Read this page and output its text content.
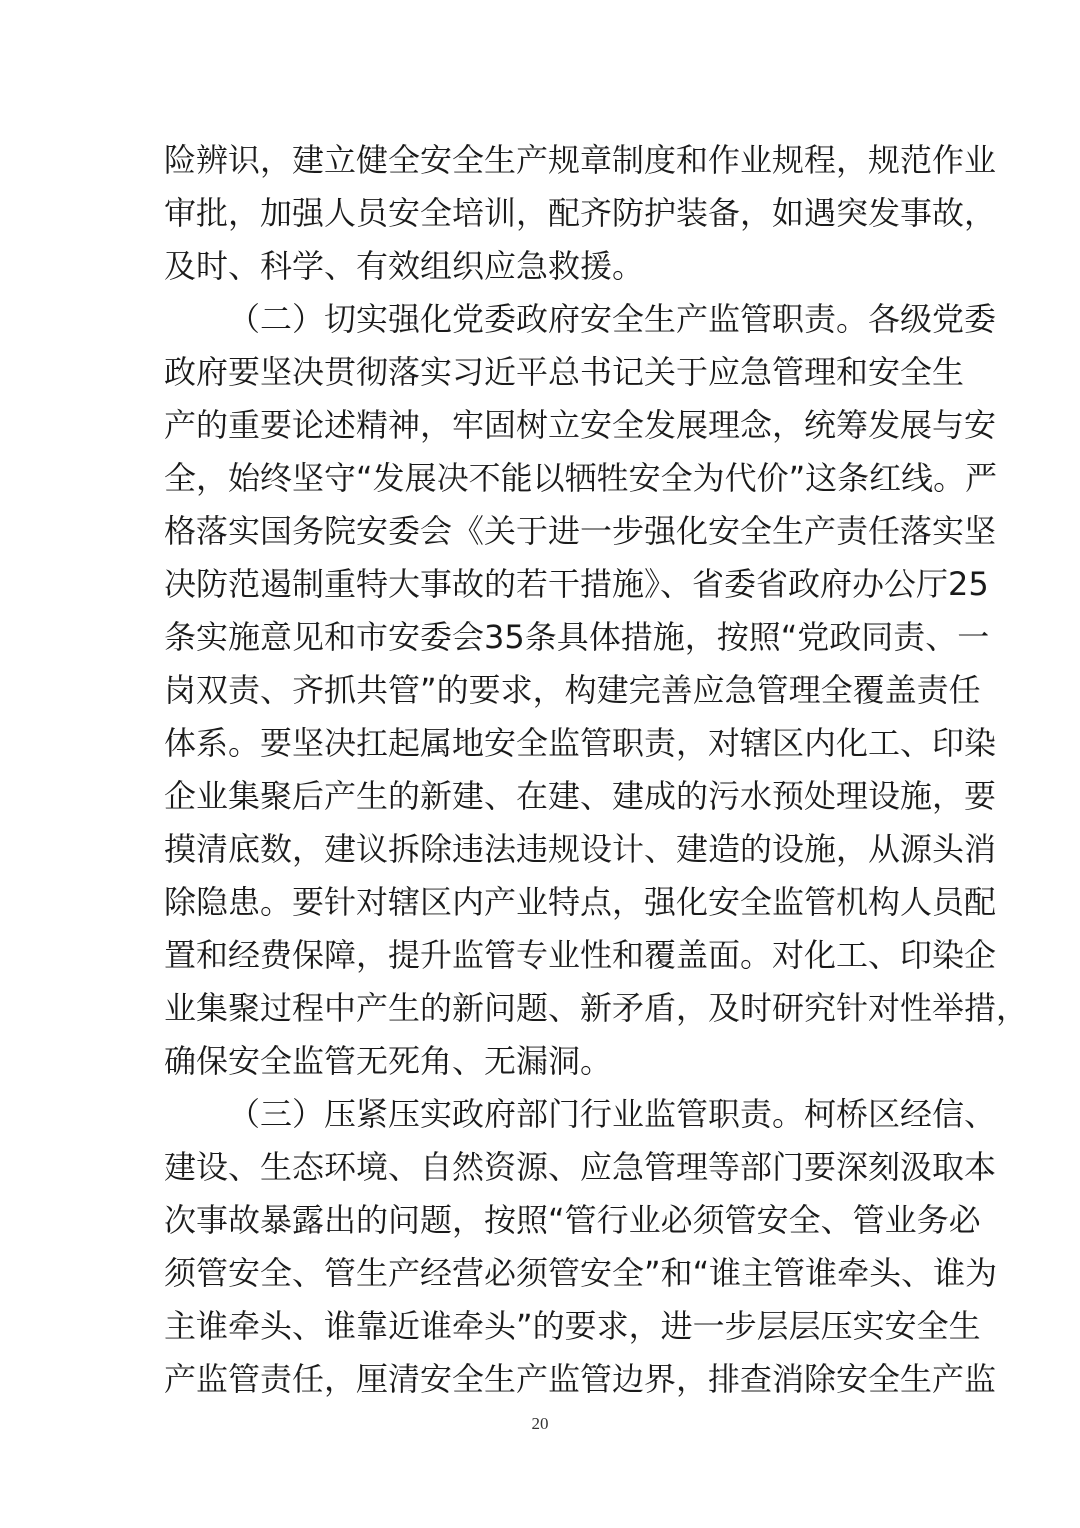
险辨识，建立健全安全生产规章制度和作业规程，规范作业
审批，加强人员安全培训，配齐防护装备，如遇突发事故，
及时、科学、有效组织应急救援。
（二）切实强化党委政府安全生产监管职责。各级党委
政府要坚决贯彻落实习近平总书记关于应急管理和安全生
产的重要论述精神，牢固树立安全发展理念，统筹发展与安
全，始终坚守“发展决不能以牺牲安全为代价”这条红线。严
格落实国务院安委会《关于进一步强化安全生产责任落实坚
决防范遏制重特大事故的若干措施》、省委省政府办公厅25
条实施意见和市安委会35条具体措施，按照“党政同责、一
岗双责、齐抓共管”的要求，构建完善应急管理全覆盖责任
体系。要坚决扛起属地安全监管职责，对辖区内化工、印染
企业集聚后产生的新建、在建、建成的污水预处理设施，要
摸清底数，建议拆除违法违规设计、建造的设施，从源头消
除隐患。要针对辖区内产业特点，强化安全监管机构人员配
置和经费保障，提升监管专业性和覆盖面。对化工、印染企
业集聚过程中产生的新问题、新矛盾，及时研究针对性举措，
确保安全监管无死角、无漏洞。
（三）压紧压实政府部门行业监管职责。柯桥区经信、
建设、生态环境、自然资源、应急管理等部门要深刻汲取本
次事故暴露出的问题，按照“管行业必须管安全、管业务必
须管安全、管生产经营必须管安全”和“谁主管谁牵头、谁为
主谁牵头、谁靠近谁牵头”的要求，进一步层层压实安全生
产监管责任，厘清安全生产监管边界，排查消除安全生产监
20
